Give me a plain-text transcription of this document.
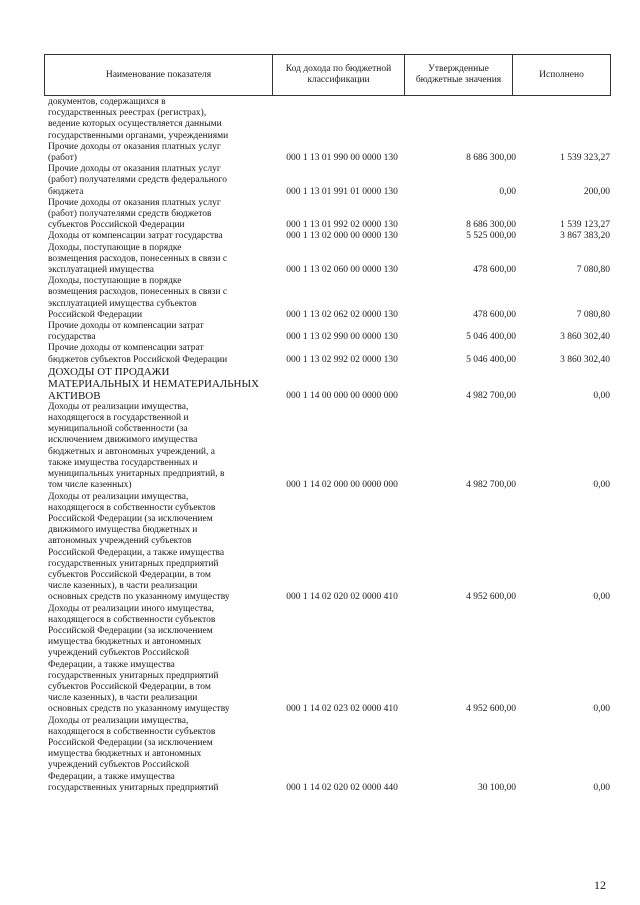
Наименование показателя	Код дохода по бюджетной классификации	Утвержденные бюджетные значения	Исполнено
документов, содержащихся в
государственных реестрах (регистрах),
ведение которых осуществляется данными
государственными органами, учреждениями
Прочие доходы от оказания платных услуг
(работ)	000 1 13 01 990 00 0000 130	8 686 300,00	1 539 323,27
Прочие доходы от оказания платных услуг
(работ) получателями средств федерального
бюджета	000 1 13 01 991 01 0000 130	0,00	200,00
Прочие доходы от оказания платных услуг
(работ) получателями средств бюджетов
субъектов Российской Федерации	000 1 13 01 992 02 0000 130	8 686 300,00	1 539 123,27
Доходы от компенсации затрат государства	000 1 13 02 000 00 0000 130	5 525 000,00	3 867 383,20
Доходы, поступающие в порядке
возмещения расходов, понесенных в связи с
эксплуатацией имущества	000 1 13 02 060 00 0000 130	478 600,00	7 080,80
Доходы, поступающие в порядке
возмещения расходов, понесенных в связи с
эксплуатацией имущества субъектов
Российской Федерации	000 1 13 02 062 02 0000 130	478 600,00	7 080,80
Прочие доходы от компенсации затрат
государства	000 1 13 02 990 00 0000 130	5 046 400,00	3 860 302,40
Прочие доходы от компенсации затрат
бюджетов субъектов Российской Федерации	000 1 13 02 992 02 0000 130	5 046 400,00	3 860 302,40
ДОХОДЫ ОТ ПРОДАЖИ
МАТЕРИАЛЬНЫХ И НЕМАТЕРИАЛЬНЫХ
АКТИВОВ	000 1 14 00 000 00 0000 000	4 982 700,00	0,00
Доходы от реализации имущества,
находящегося в государственной и
муниципальной собственности (за
исключением движимого имущества
бюджетных и автономных учреждений, а
также имущества государственных и
муниципальных унитарных предприятий, в
том числе казенных)	000 1 14 02 000 00 0000 000	4 982 700,00	0,00
Доходы от реализации имущества,
находящегося в собственности субъектов
Российской Федерации (за исключением
движимого имущества бюджетных и
автономных учреждений субъектов
Российской Федерации, а также имущества
государственных унитарных предприятий
субъектов Российской Федерации, в том
числе казенных), в части реализации
основных средств по указанному имуществу	000 1 14 02 020 02 0000 410	4 952 600,00	0,00
Доходы от реализации иного имущества,
находящегося в собственности субъектов
Российской Федерации (за исключением
имущества бюджетных и автономных
учреждений субъектов Российской
Федерации, а также имущества
государственных унитарных предприятий
субъектов Российской Федерации, в том
числе казенных), в части реализации
основных средств по указанному имуществу	000 1 14 02 023 02 0000 410	4 952 600,00	0,00
Доходы от реализации имущества,
находящегося в собственности субъектов
Российской Федерации (за исключением
имущества бюджетных и автономных
учреждений субъектов Российской
Федерации, а также имущества
государственных унитарных предприятий	000 1 14 02 020 02 0000 440	30 100,00	0,00
12
